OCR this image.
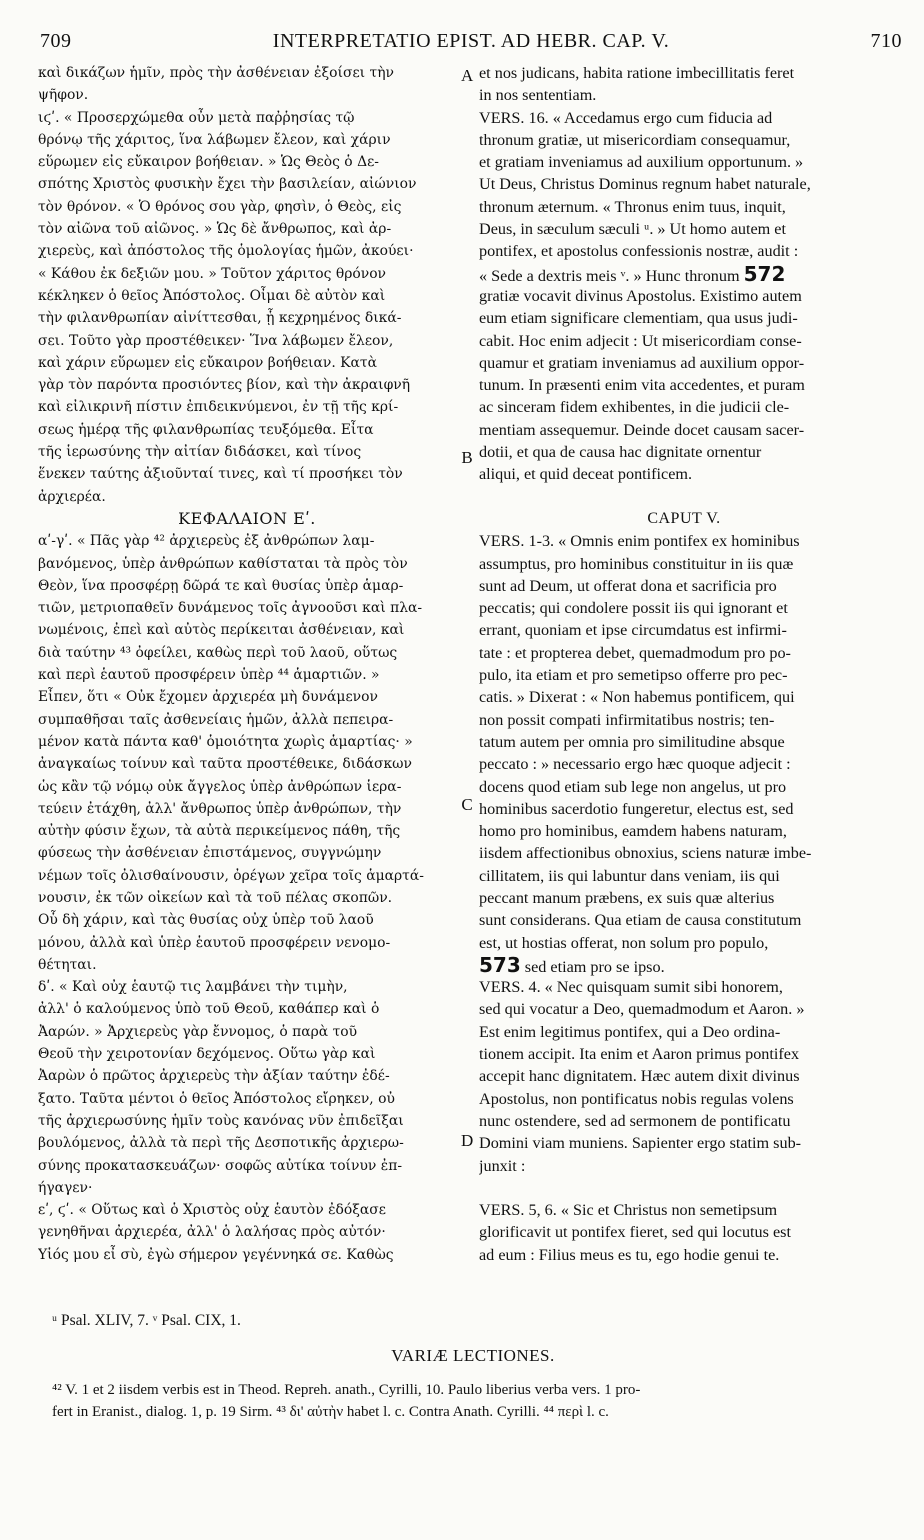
709	INTERPRETATIO EPIST. AD HEBR. CAP. V.	710
καὶ δικάζων ἡμῖν, πρὸς τὴν ἀσθένειαν ἐξοίσει τὴν
ψῆφον.
ιϛʹ. « Προσερχώμεθα οὖν μετὰ παῤῥησίας τῷ
θρόνῳ τῆς χάριτος, ἵνα λάβωμεν ἔλεον, καὶ χάριν
εὕρωμεν εἰς εὔκαιρον βοήθειαν. » Ὡς Θεὸς ὁ Δε-
σπότης Χριστὸς φυσικὴν ἔχει τὴν βασιλείαν, αἰώνιον
τὸν θρόνον. « Ὁ θρόνος σου γὰρ, φησὶν, ὁ Θεὸς, εἰς
τὸν αἰῶνα τοῦ αἰῶνος. » Ὡς δὲ ἄνθρωπος, καὶ ἀρ-
χιερεὺς, καὶ ἀπόστολος τῆς ὁμολογίας ἡμῶν, ἀκούει·
« Κάθου ἐκ δεξιῶν μου. » Τοῦτον χάριτος θρόνον
κέκληκεν ὁ θεῖος Ἀπόστολος. Οἶμαι δὲ αὐτὸν καὶ
τὴν φιλανθρωπίαν αἰνίττεσθαι, ᾗ κεχρημένος δικά-
σει. Τοῦτο γὰρ προστέθεικεν· Ἵνα λάβωμεν ἔλεον,
καὶ χάριν εὕρωμεν εἰς εὔκαιρον βοήθειαν. Κατὰ
γὰρ τὸν παρόντα προσιόντες βίον, καὶ τὴν ἀκραιφνῆ
καὶ εἰλικρινῆ πίστιν ἐπιδεικνύμενοι, ἐν τῇ τῆς κρί-
σεως ἡμέρᾳ τῆς φιλανθρωπίας τευξόμεθα. Εἶτα
τῆς ἱερωσύνης τὴν αἰτίαν διδάσκει, καὶ τίνος
ἕνεκεν ταύτης ἀξιοῦνταί τινες, καὶ τί προσήκει τὸν
ἀρχιερέα.
ΚΕΦΑΛΑΙΟΝ Εʹ.
αʹ-γʹ. « Πᾶς γὰρ ⁴² ἀρχιερεὺς ἐξ ἀνθρώπων λαμ-
βανόμενος, ὑπὲρ ἀνθρώπων καθίσταται τὰ πρὸς τὸν
Θεὸν, ἵνα προσφέρῃ δῶρά τε καὶ θυσίας ὑπὲρ ἁμαρ-
τιῶν, μετριοπαθεῖν δυνάμενος τοῖς ἀγνοοῦσι καὶ πλα-
νωμένοις, ἐπεὶ καὶ αὐτὸς περίκειται ἀσθένειαν, καὶ
διὰ ταύτην ⁴³ ὀφείλει, καθὼς περὶ τοῦ λαοῦ, οὕτως
καὶ περὶ ἑαυτοῦ προσφέρειν ὑπὲρ ⁴⁴ ἁμαρτιῶν. »
Εἶπεν, ὅτι « Οὐκ ἔχομεν ἀρχιερέα μὴ δυνάμενον
συμπαθῆσαι ταῖς ἀσθενείαις ἡμῶν, ἀλλὰ πεπειρα-
μένον κατὰ πάντα καθ' ὁμοιότητα χωρὶς ἁμαρτίας· »
ἀναγκαίως τοίνυν καὶ ταῦτα προστέθεικε, διδάσκων
ὡς κἂν τῷ νόμῳ οὐκ ἄγγελος ὑπὲρ ἀνθρώπων ἱερα-
τεύειν ἐτάχθη, ἀλλ' ἄνθρωπος ὑπὲρ ἀνθρώπων, τὴν
αὐτὴν φύσιν ἔχων, τὰ αὐτὰ περικείμενος πάθη, τῆς
φύσεως τὴν ἀσθένειαν ἐπιστάμενος, συγγνώμην
νέμων τοῖς ὀλισθαίνουσιν, ὀρέγων χεῖρα τοῖς ἁμαρτά-
νουσιν, ἐκ τῶν οἰκείων καὶ τὰ τοῦ πέλας σκοπῶν.
Οὗ δὴ χάριν, καὶ τὰς θυσίας οὐχ ὑπὲρ τοῦ λαοῦ
μόνου, ἀλλὰ καὶ ὑπὲρ ἑαυτοῦ προσφέρειν νενομο-
θέτηται.
δʹ. « Καὶ οὐχ ἑαυτῷ τις λαμβάνει τὴν τιμὴν,
ἀλλ' ὁ καλούμενος ὑπὸ τοῦ Θεοῦ, καθάπερ καὶ ὁ
Ἀαρών. » Ἀρχιερεὺς γὰρ ἔννομος, ὁ παρὰ τοῦ
Θεοῦ τὴν χειροτονίαν δεχόμενος. Οὕτω γὰρ καὶ
Ἀαρὼν ὁ πρῶτος ἀρχιερεὺς τὴν ἀξίαν ταύτην ἐδέ-
ξατο. Ταῦτα μέντοι ὁ θεῖος Ἀπόστολος εἴρηκεν, οὐ
τῆς ἀρχιερωσύνης ἡμῖν τοὺς κανόνας νῦν ἐπιδεῖξαι
βουλόμενος, ἀλλὰ τὰ περὶ τῆς Δεσποτικῆς ἀρχιερω-
σύνης προκατασκευάζων· σοφῶς αὐτίκα τοίνυν ἐπ-
ήγαγεν·
εʹ, ϛʹ. « Οὕτως καὶ ὁ Χριστὸς οὐχ ἑαυτὸν ἐδόξασε
γενηθῆναι ἀρχιερέα, ἀλλ' ὁ λαλήσας πρὸς αὐτόν·
Υἱός μου εἶ σὺ, ἐγὼ σήμερον γεγέννηκά σε. Καθὼς
A
B
C
D
et nos judicans, habita ratione imbecillitatis feret
in nos sententiam.
VERS. 16. « Accedamus ergo cum fiducia ad
thronum gratiæ, ut misericordiam consequamur,
et gratiam inveniamus ad auxilium opportunum. »
Ut Deus, Christus Dominus regnum habet naturale,
thronum æternum. « Thronus enim tuus, inquit,
Deus, in sæculum sæculi ᵘ. » Ut homo autem et
pontifex, et apostolus confessionis nostræ, audit :
« Sede a dextris meis ᵛ. » Hunc thronum 572
gratiæ vocavit divinus Apostolus. Existimo autem
eum etiam significare clementiam, qua usus judi-
cabit. Hoc enim adjecit : Ut misericordiam conse-
quamur et gratiam inveniamus ad auxilium oppor-
tunum. In præsenti enim vita accedentes, et puram
ac sinceram fidem exhibentes, in die judicii cle-
mentiam assequemur. Deinde docet causam sacer-
dotii, et qua de causa hac dignitate ornentur
aliqui, et quid deceat pontificem.
CAPUT V.
VERS. 1-3. « Omnis enim pontifex ex hominibus
assumptus, pro hominibus constituitur in iis quæ
sunt ad Deum, ut offerat dona et sacrificia pro
peccatis; qui condolere possit iis qui ignorant et
errant, quoniam et ipse circumdatus est infirmi-
tate : et propterea debet, quemadmodum pro po-
pulo, ita etiam et pro semetipso offerre pro pec-
catis. » Dixerat : « Non habemus pontificem, qui
non possit compati infirmitatibus nostris; ten-
tatum autem per omnia pro similitudine absque
peccato : » necessario ergo hæc quoque adjecit :
docens quod etiam sub lege non angelus, ut pro
hominibus sacerdotio fungeretur, electus est, sed
homo pro hominibus, eamdem habens naturam,
iisdem affectionibus obnoxius, sciens naturæ imbe-
cillitatem, iis qui labuntur dans veniam, iis qui
peccant manum præbens, ex suis quæ alterius
sunt considerans. Qua etiam de causa constitutum
est, ut hostias offerat, non solum pro populo,
573 sed etiam pro se ipso.
VERS. 4. « Nec quisquam sumit sibi honorem,
sed qui vocatur a Deo, quemadmodum et Aaron. »
Est enim legitimus pontifex, qui a Deo ordina-
tionem accipit. Ita enim et Aaron primus pontifex
accepit hanc dignitatem. Hæc autem dixit divinus
Apostolus, non pontificatus nobis regulas volens
nunc ostendere, sed ad sermonem de pontificatu
Domini viam muniens. Sapienter ergo statim sub-
junxit :
VERS. 5, 6. « Sic et Christus non semetipsum
glorificavit ut pontifex fieret, sed qui locutus est
ad eum : Filius meus es tu, ego hodie genui te.
ᵘ Psal. XLIV, 7. ᵛ Psal. CIX, 1.
VARIÆ LECTIONES.
⁴² V. 1 et 2 iisdem verbis est in Theod. Repreh. anath., Cyrilli, 10. Paulo liberius verba vers. 1 pro-
fert in Eranist., dialog. 1, p. 19 Sirm. ⁴³ δι' αὐτὴν habet l. c. Contra Anath. Cyrilli. ⁴⁴ περὶ l. c.
